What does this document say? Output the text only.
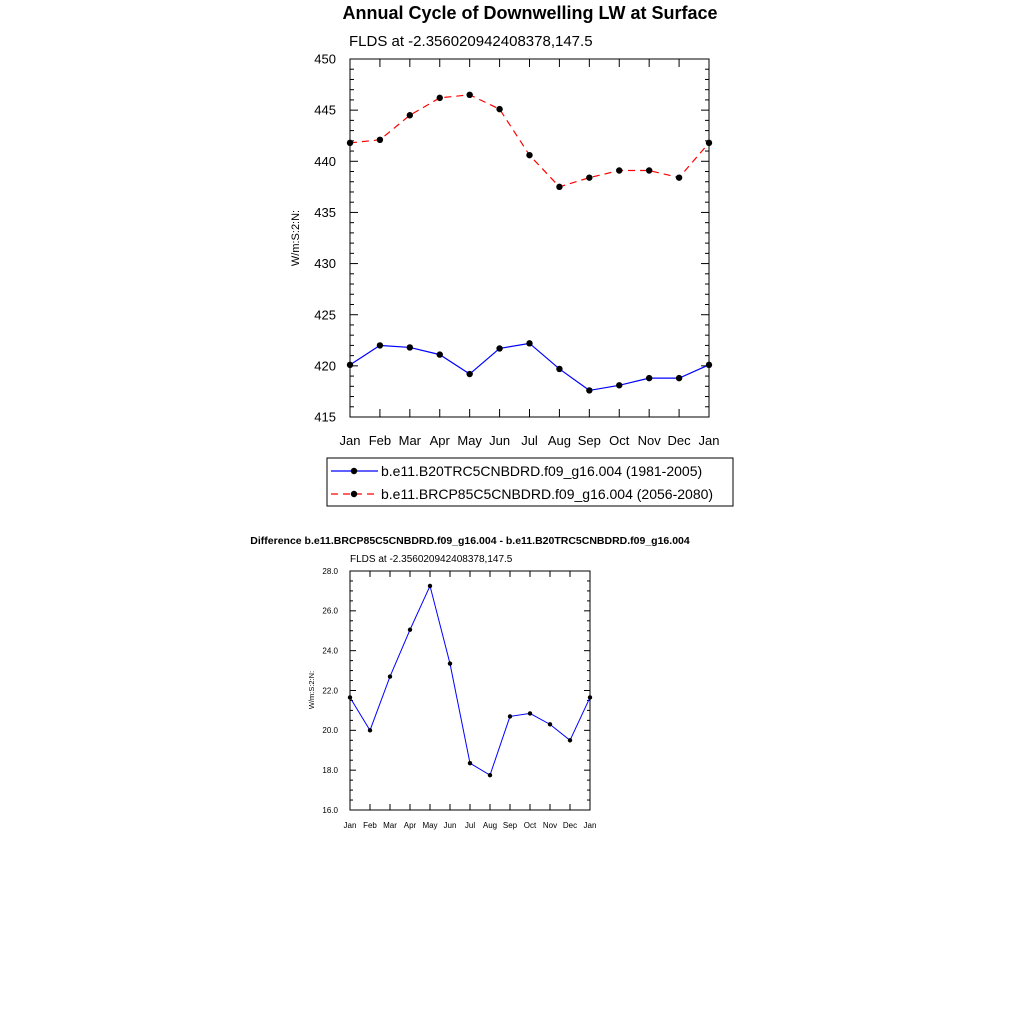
Annual Cycle of Downwelling LW at Surface
FLDS at -2.356020942408378,147.5
W/m:S:2:N:
Jan Feb Mar Apr May Jun Jul Aug Sep Oct Nov Dec Jan
415
420
425
430
435
440
445
450
b.e11.B20TRC5CNBDRD.f09_g16.004 (1981-2005)
b.e11.BRCP85C5CNBDRD.f09_g16.004 (2056-2080)
Difference b.e11.BRCP85C5CNBDRD.f09_g16.004 - b.e11.B20TRC5CNBDRD.f09_g16.004
FLDS at -2.356020942408378,147.5
W/m:S:2:N:
Jan Feb Mar Apr May Jun Jul Aug Sep Oct Nov Dec Jan
16.0
18.0
20.0
22.0
24.0
26.0
28.0
